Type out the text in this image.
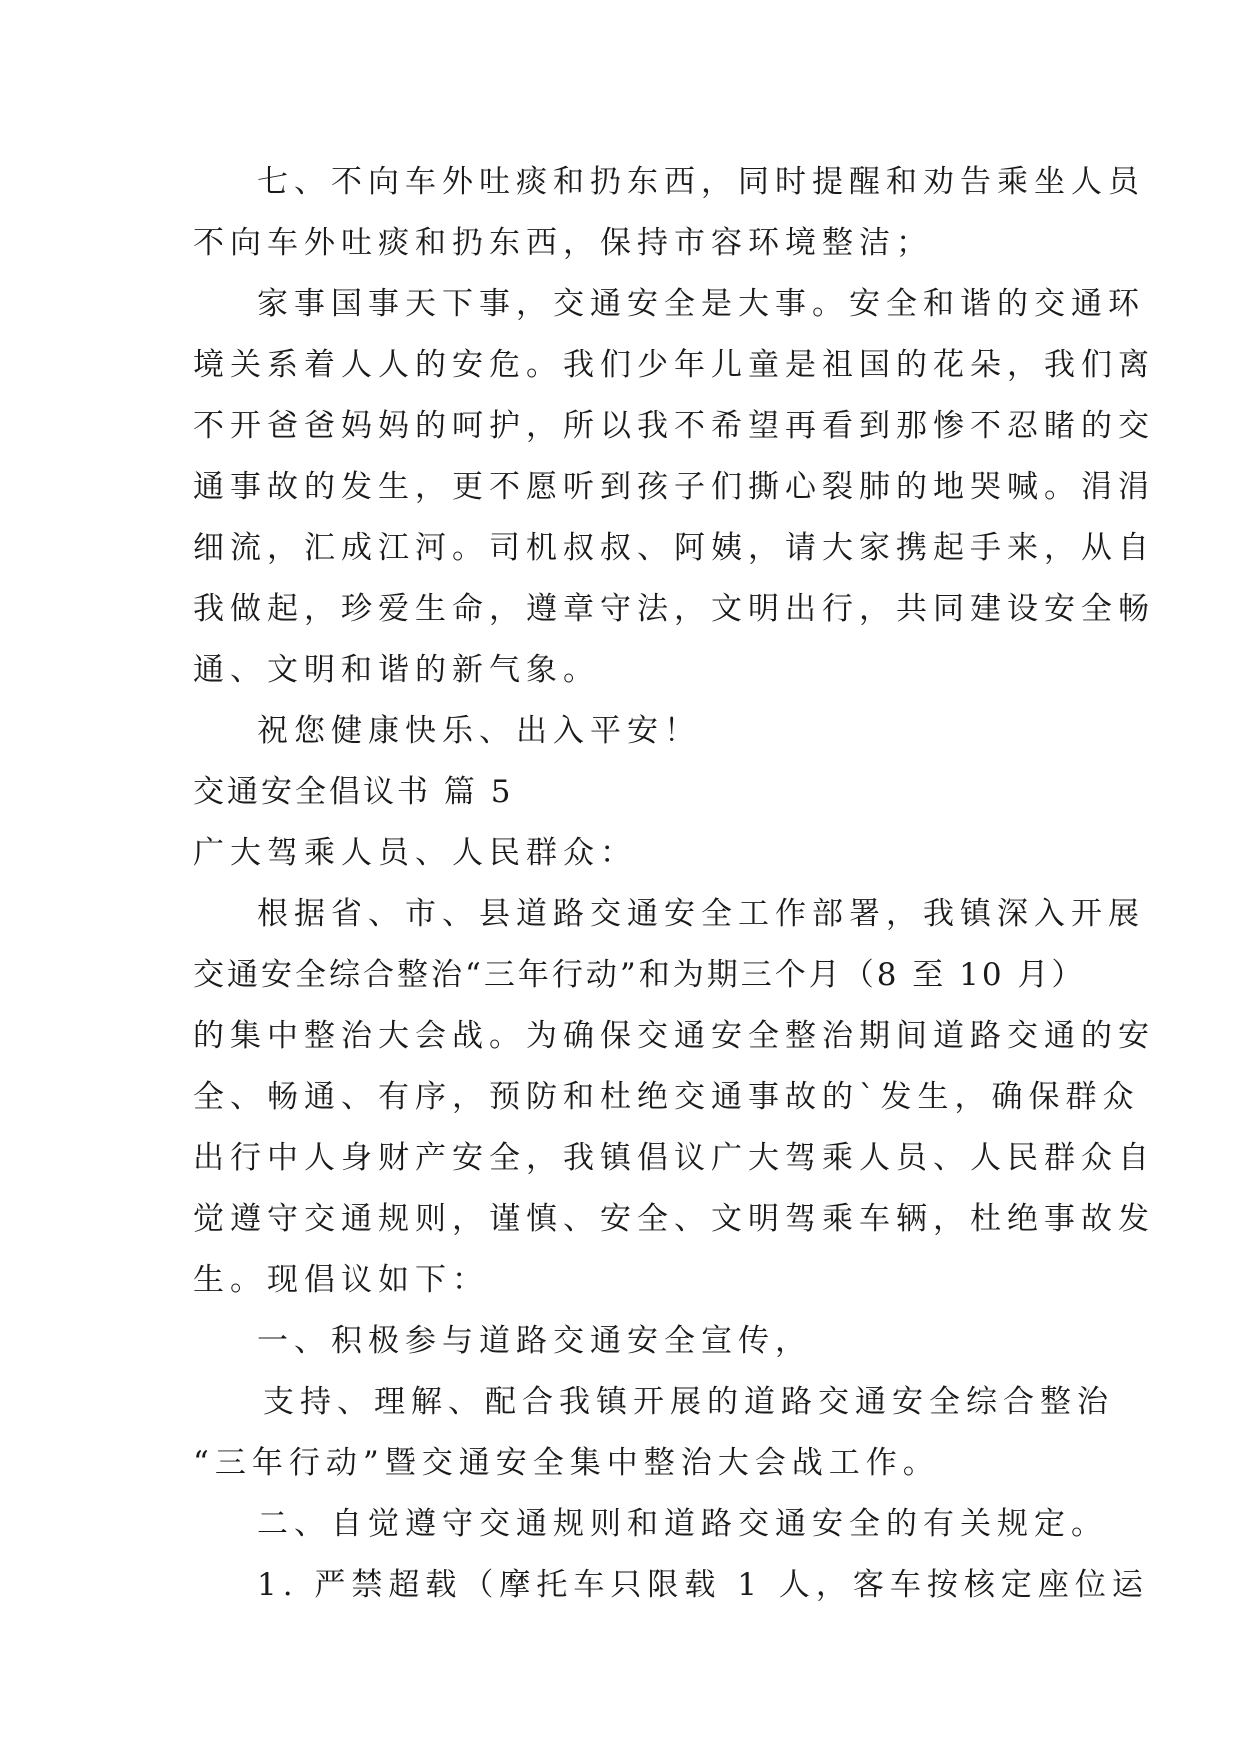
七、不向车外吐痰和扔东西，同时提醒和劝告乘坐人员
不向车外吐痰和扔东西，保持市容环境整洁；
家事国事天下事，交通安全是大事。安全和谐的交通环
境关系着人人的安危。我们少年儿童是祖国的花朵，我们离
不开爸爸妈妈的呵护，所以我不希望再看到那惨不忍睹的交
通事故的发生，更不愿听到孩子们撕心裂肺的地哭喊。涓涓
细流，汇成江河。司机叔叔、阿姨，请大家携起手来，从自
我做起，珍爱生命，遵章守法，文明出行，共同建设安全畅
通、文明和谐的新气象。
祝您健康快乐、出入平安！
交通安全倡议书 篇 5
广大驾乘人员、人民群众：
根据省、市、县道路交通安全工作部署，我镇深入开展
交通安全综合整治“三年行动”和为期三个月（8 至 10 月）
的集中整治大会战。为确保交通安全整治期间道路交通的安
全、畅通、有序，预防和杜绝交通事故的`发生，确保群众
出行中人身财产安全，我镇倡议广大驾乘人员、人民群众自
觉遵守交通规则，谨慎、安全、文明驾乘车辆，杜绝事故发
生。现倡议如下：
一、积极参与道路交通安全宣传，
支持、理解、配合我镇开展的道路交通安全综合整治
“三年行动”暨交通安全集中整治大会战工作。
二、自觉遵守交通规则和道路交通安全的有关规定。
1. 严禁超载（摩托车只限载 1 人，客车按核定座位运
